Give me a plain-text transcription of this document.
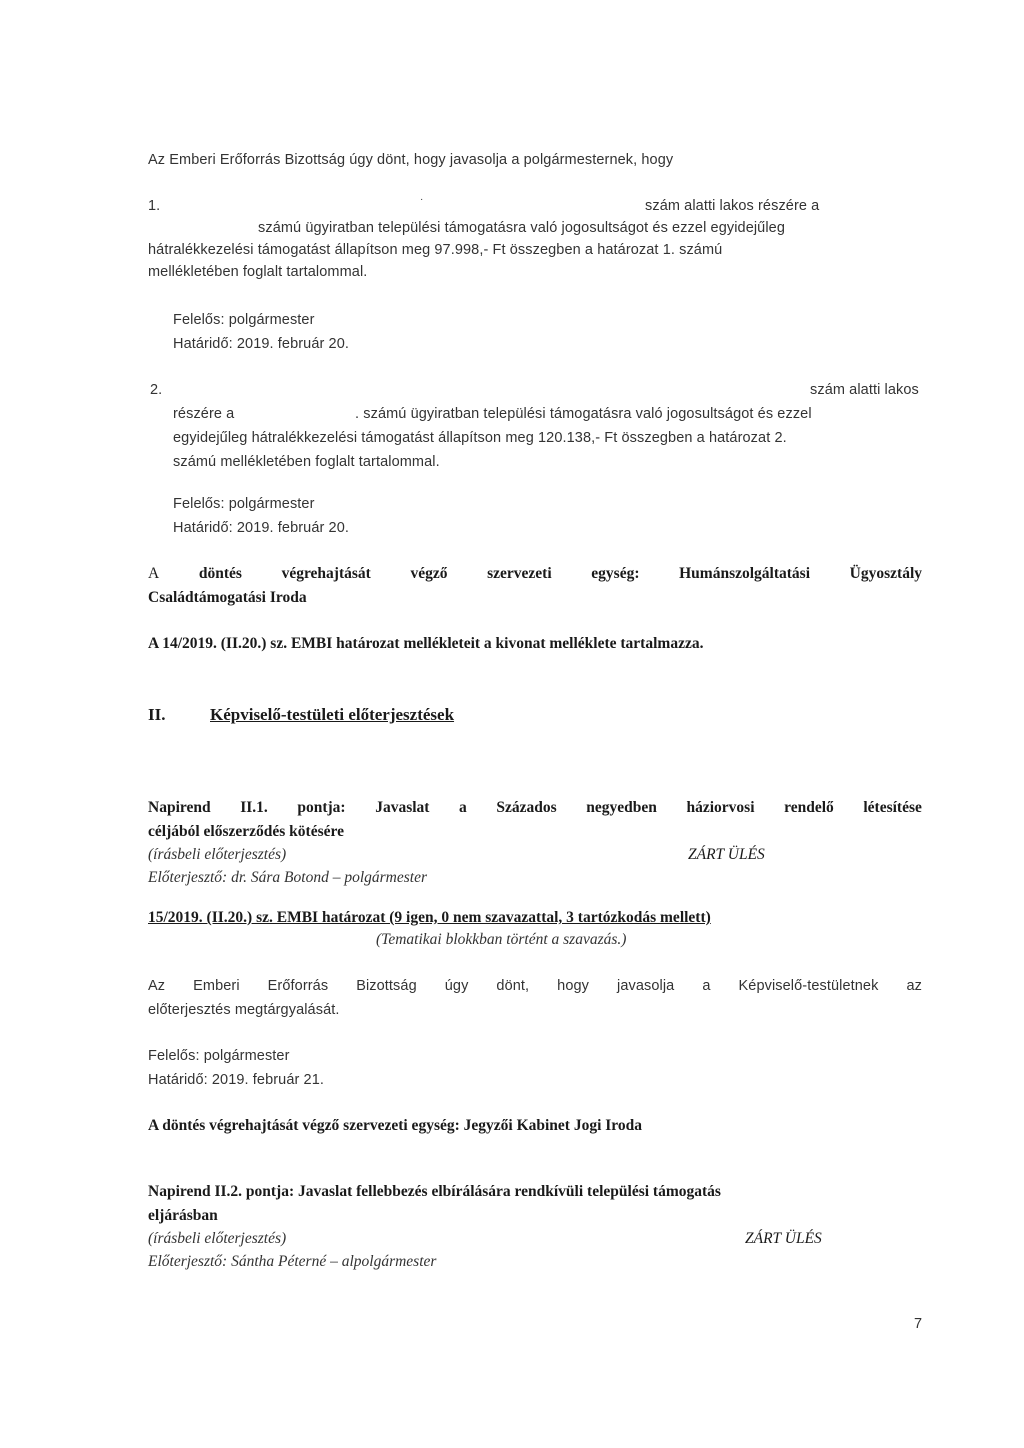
Az Emberi Erőforrás Bizottság úgy dönt, hogy javasolja a polgármesternek, hogy
1.	·	szám alatti lakos részére a
számú ügyiratban települési támogatásra való jogosultságot és ezzel egyidejűleg
hátralékkezelési támogatást állapítson meg 97.998,- Ft összegben a határozat 1. számú
mellékletében foglalt tartalommal.
Felelős: polgármester
Határidő: 2019. február 20.
2.	szám alatti lakos
részére a	. számú ügyiratban települési támogatásra való jogosultságot és ezzel
egyidejűleg hátralékkezelési támogatást állapítson meg 120.138,- Ft összegben a határozat 2.
számú mellékletében foglalt tartalommal.
Felelős: polgármester
Határidő: 2019. február 20.
A	döntés	végrehajtását	végző	szervezeti	egység:	Humánszolgáltatási	Ügyosztály
Családtámogatási Iroda
A 14/2019. (II.20.) sz. EMBI határozat mellékleteit a kivonat melléklete tartalmazza.
II.	Képviselő-testületi előterjesztések
Napirend II.1. pontja: Javaslat a Százados negyedben háziorvosi rendelő létesítése
céljából előszerződés kötésére
(írásbeli előterjesztés)	ZÁRT ÜLÉS
Előterjesztő: dr. Sára Botond – polgármester
15/2019. (II.20.) sz. EMBI határozat (9 igen, 0 nem szavazattal, 3 tartózkodás mellett)
(Tematikai blokkban történt a szavazás.)
Az Emberi Erőforrás Bizottság úgy dönt, hogy javasolja a Képviselő-testületnek az
előterjesztés megtárgyalását.
Felelős: polgármester
Határidő: 2019. február 21.
A döntés végrehajtását végző szervezeti egység: Jegyzői Kabinet Jogi Iroda
Napirend II.2. pontja: Javaslat fellebbezés elbírálására rendkívüli települési támogatás
eljárásban
(írásbeli előterjesztés)	ZÁRT ÜLÉS
Előterjesztő: Sántha Péterné – alpolgármester
7
